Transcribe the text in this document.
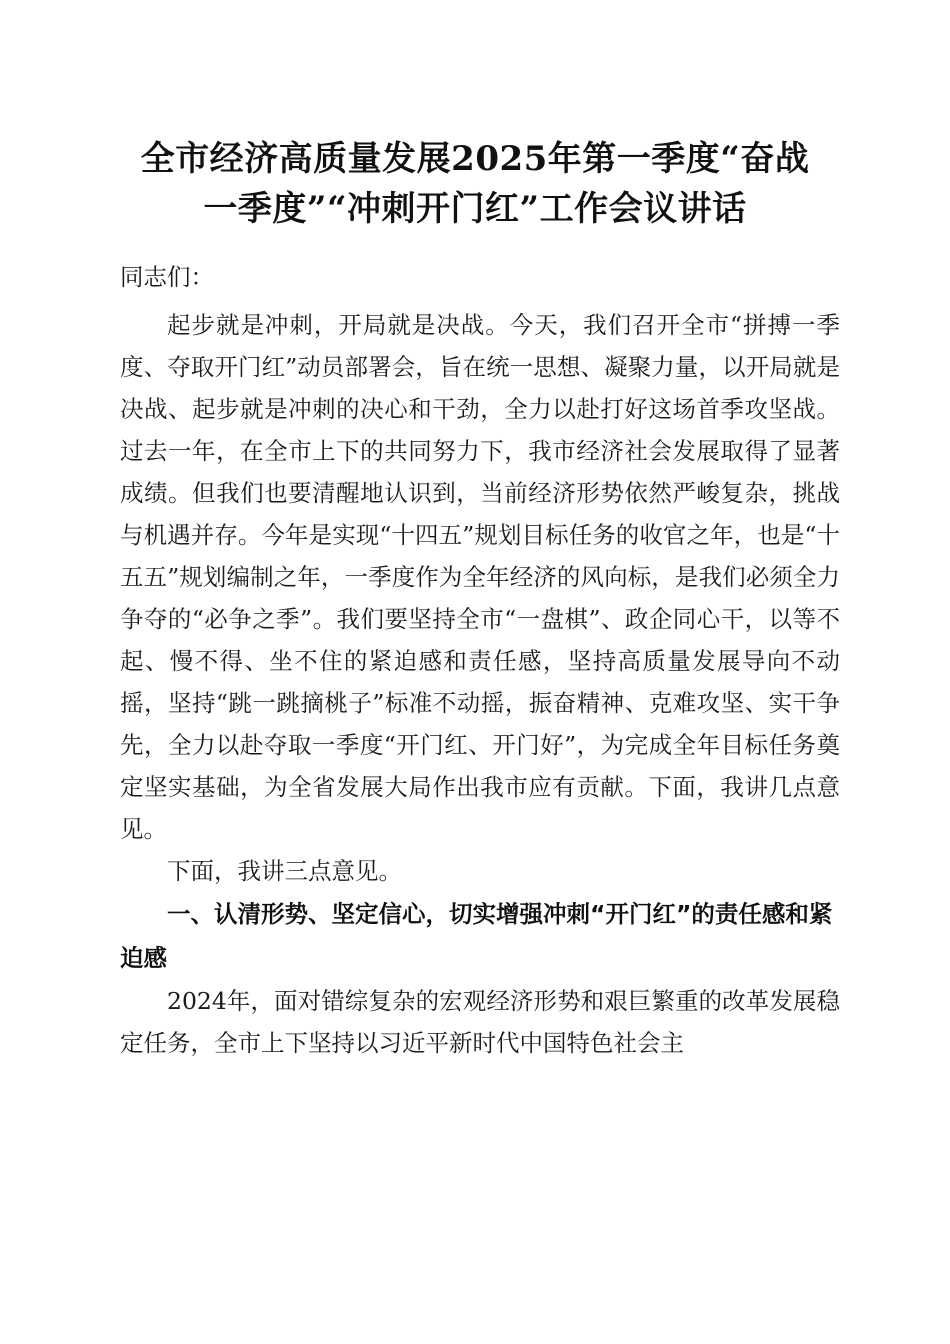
全市经济高质量发展2025年第一季度“奋战
一季度”“冲刺开门红”工作会议讲话

同志们：

起步就是冲刺，开局就是决战。今天，我们召开全市“拼搏一季度、夺取开门红”动员部署会，旨在统一思想、凝聚力量，以开局就是决战、起步就是冲刺的决心和干劲，全力以赴打好这场首季攻坚战。过去一年，在全市上下的共同努力下，我市经济社会发展取得了显著成绩。但我们也要清醒地认识到，当前经济形势依然严峻复杂，挑战与机遇并存。今年是实现“十四五”规划目标任务的收官之年，也是“十五五”规划编制之年，一季度作为全年经济的风向标，是我们必须全力争夺的“必争之季”。我们要坚持全市“一盘棋”、政企同心干，以等不起、慢不得、坐不住的紧迫感和责任感，坚持高质量发展导向不动摇，坚持“跳一跳摘桃子”标准不动摇，振奋精神、克难攻坚、实干争先，全力以赴夺取一季度“开门红、开门好”，为完成全年目标任务奠定坚实基础，为全省发展大局作出我市应有贡献。下面，我讲几点意见。

下面，我讲三点意见。

一、认清形势、坚定信心，切实增强冲刺“开门红”的责任感和紧迫感

2024年，面对错综复杂的宏观经济形势和艰巨繁重的改革发展稳定任务，全市上下坚持以习近平新时代中国特色社会主
